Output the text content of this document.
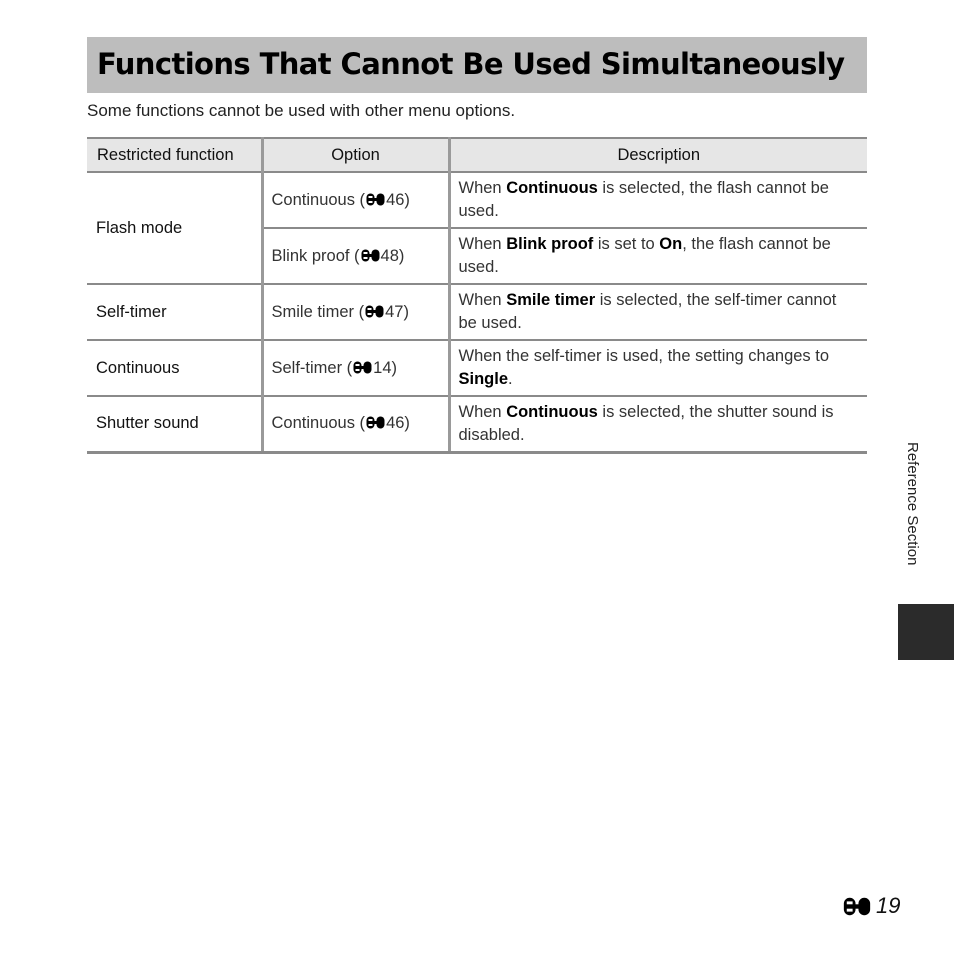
Functions That Cannot Be Used Simultaneously

Some functions cannot be used with other menu options.

Restricted function	Option	Description
Flash mode	Continuous ( 46)	When Continuous is selected, the flash cannot be used.
	Blink proof ( 48)	When Blink proof is set to On, the flash cannot be used.
Self-timer	Smile timer ( 47)	When Smile timer is selected, the self-timer cannot be used.
Continuous	Self-timer ( 14)	When the self-timer is used, the setting changes to Single.
Shutter sound	Continuous ( 46)	When Continuous is selected, the shutter sound is disabled.
Reference Section
19
